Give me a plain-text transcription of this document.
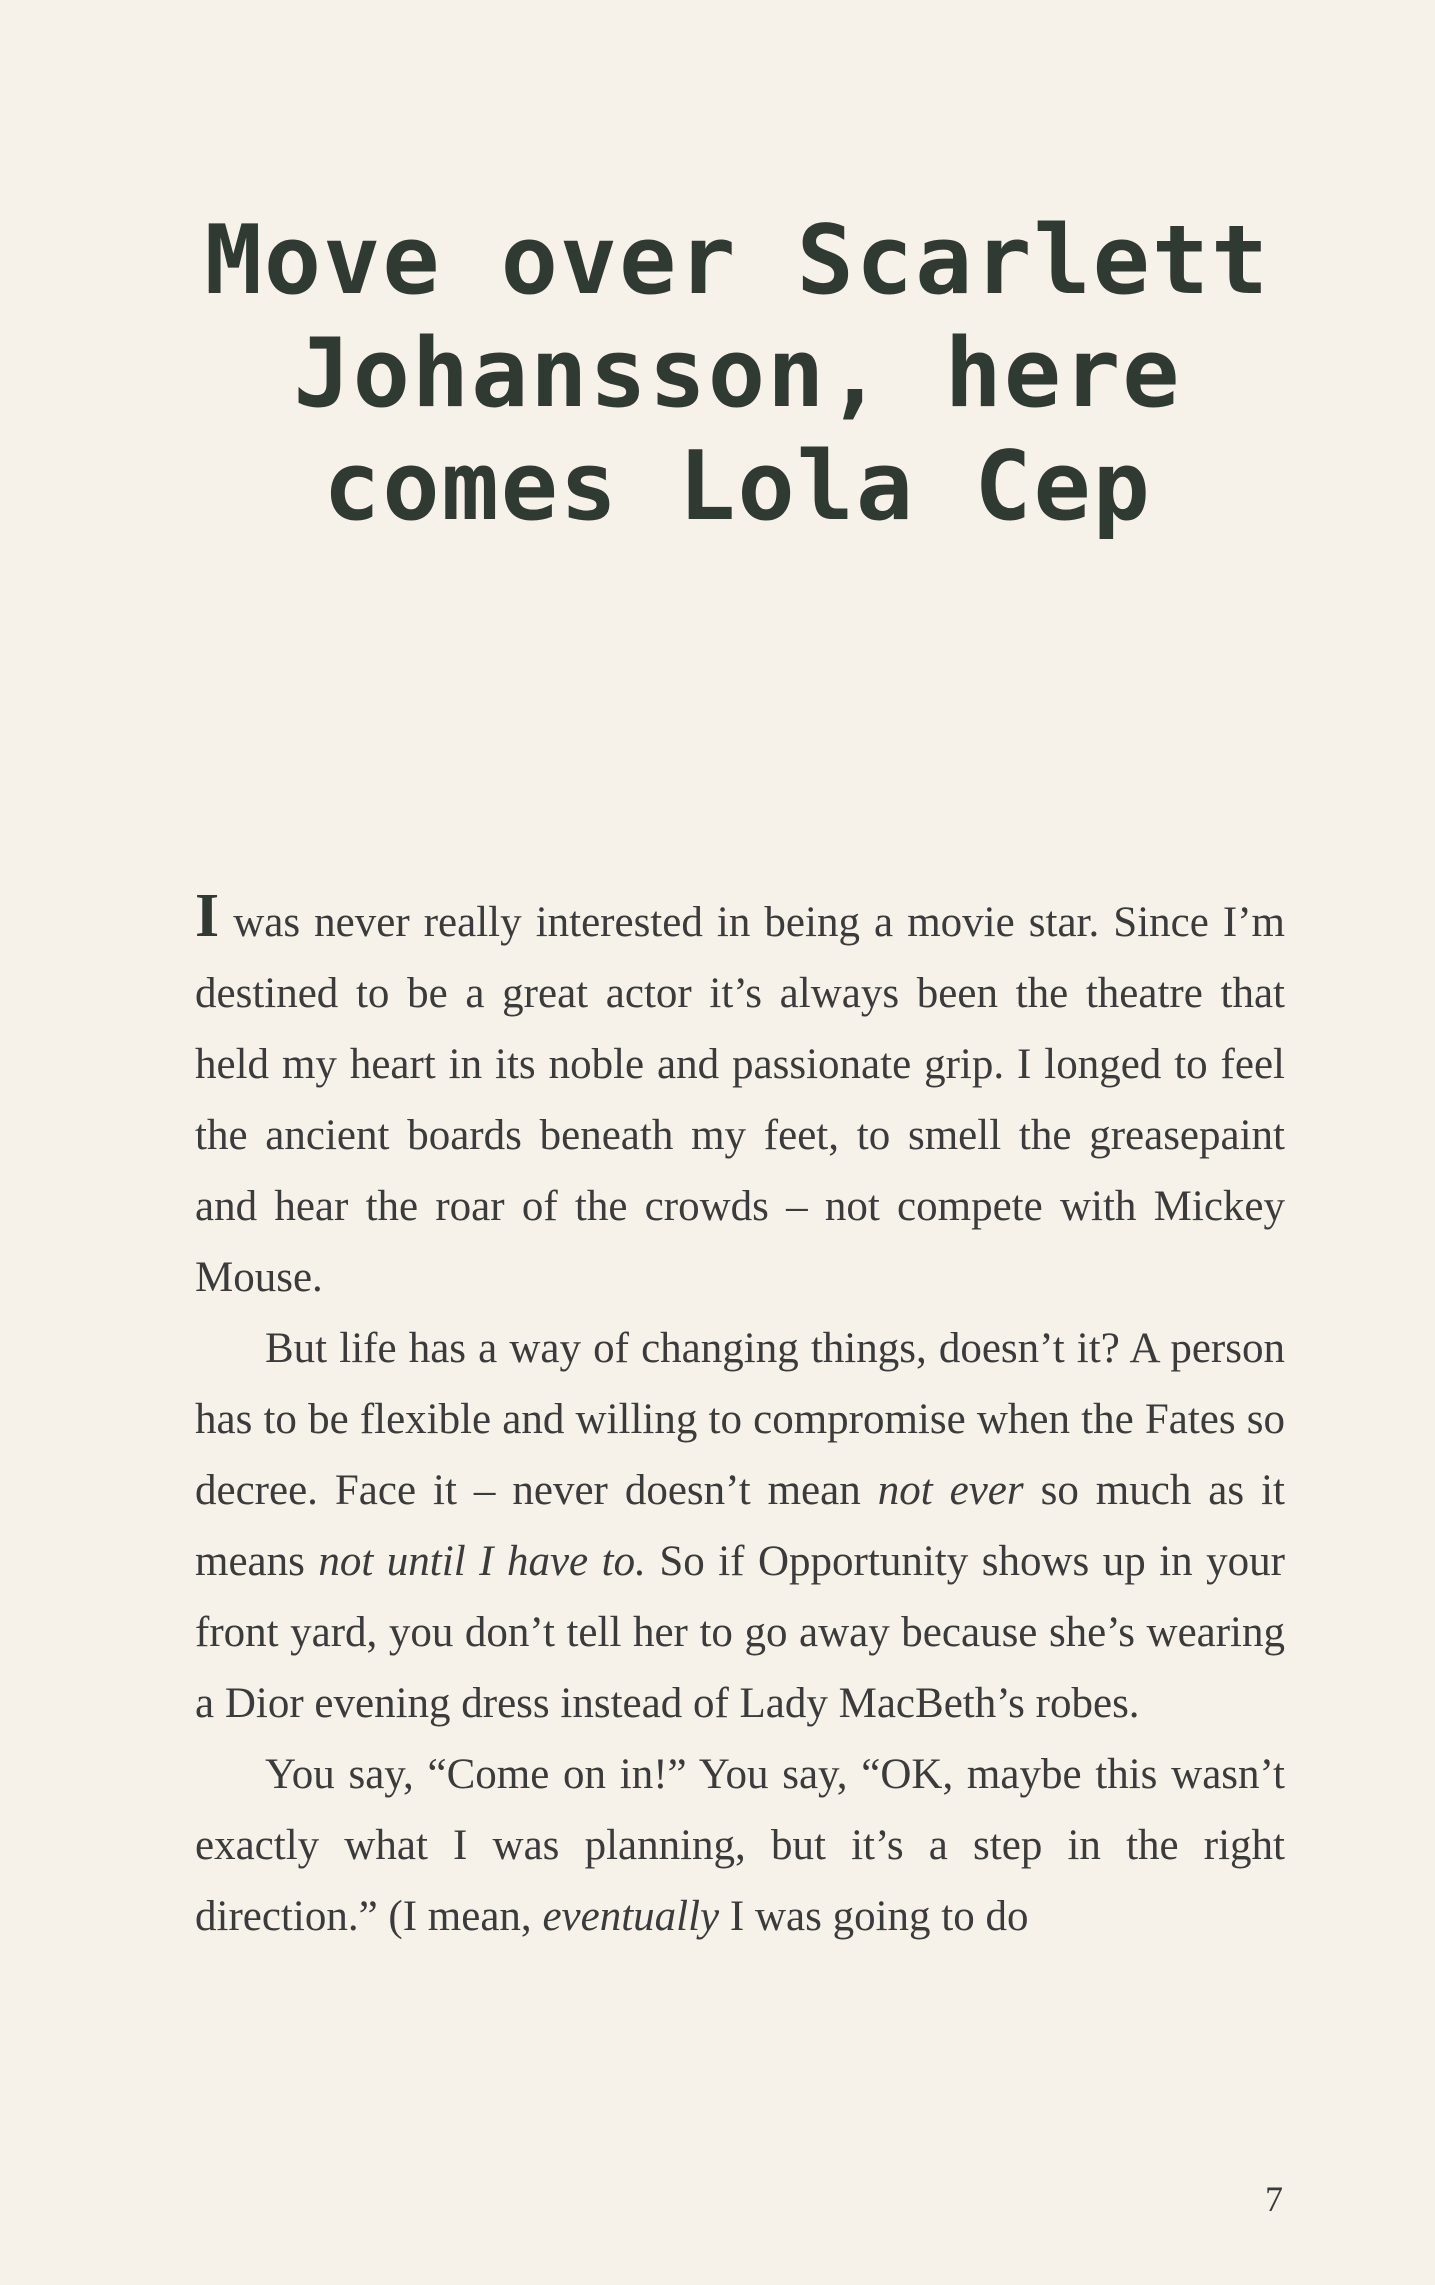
Move over Scarlett
Johansson, here
comes Lola Cep

I was never really interested in being a movie star. Since I’m destined to be a great actor it’s always been the theatre that held my heart in its noble and passionate grip. I longed to feel the ancient boards beneath my feet, to smell the greasepaint and hear the roar of the crowds – not compete with Mickey Mouse.

But life has a way of changing things, doesn’t it? A person has to be flexible and willing to compromise when the Fates so decree. Face it – never doesn’t mean not ever so much as it means not until I have to. So if Opportunity shows up in your front yard, you don’t tell her to go away because she’s wearing a Dior evening dress instead of Lady MacBeth’s robes.

You say, “Come on in!” You say, “OK, maybe this wasn’t exactly what I was planning, but it’s a step in the right direction.” (I mean, eventually I was going to do

7
